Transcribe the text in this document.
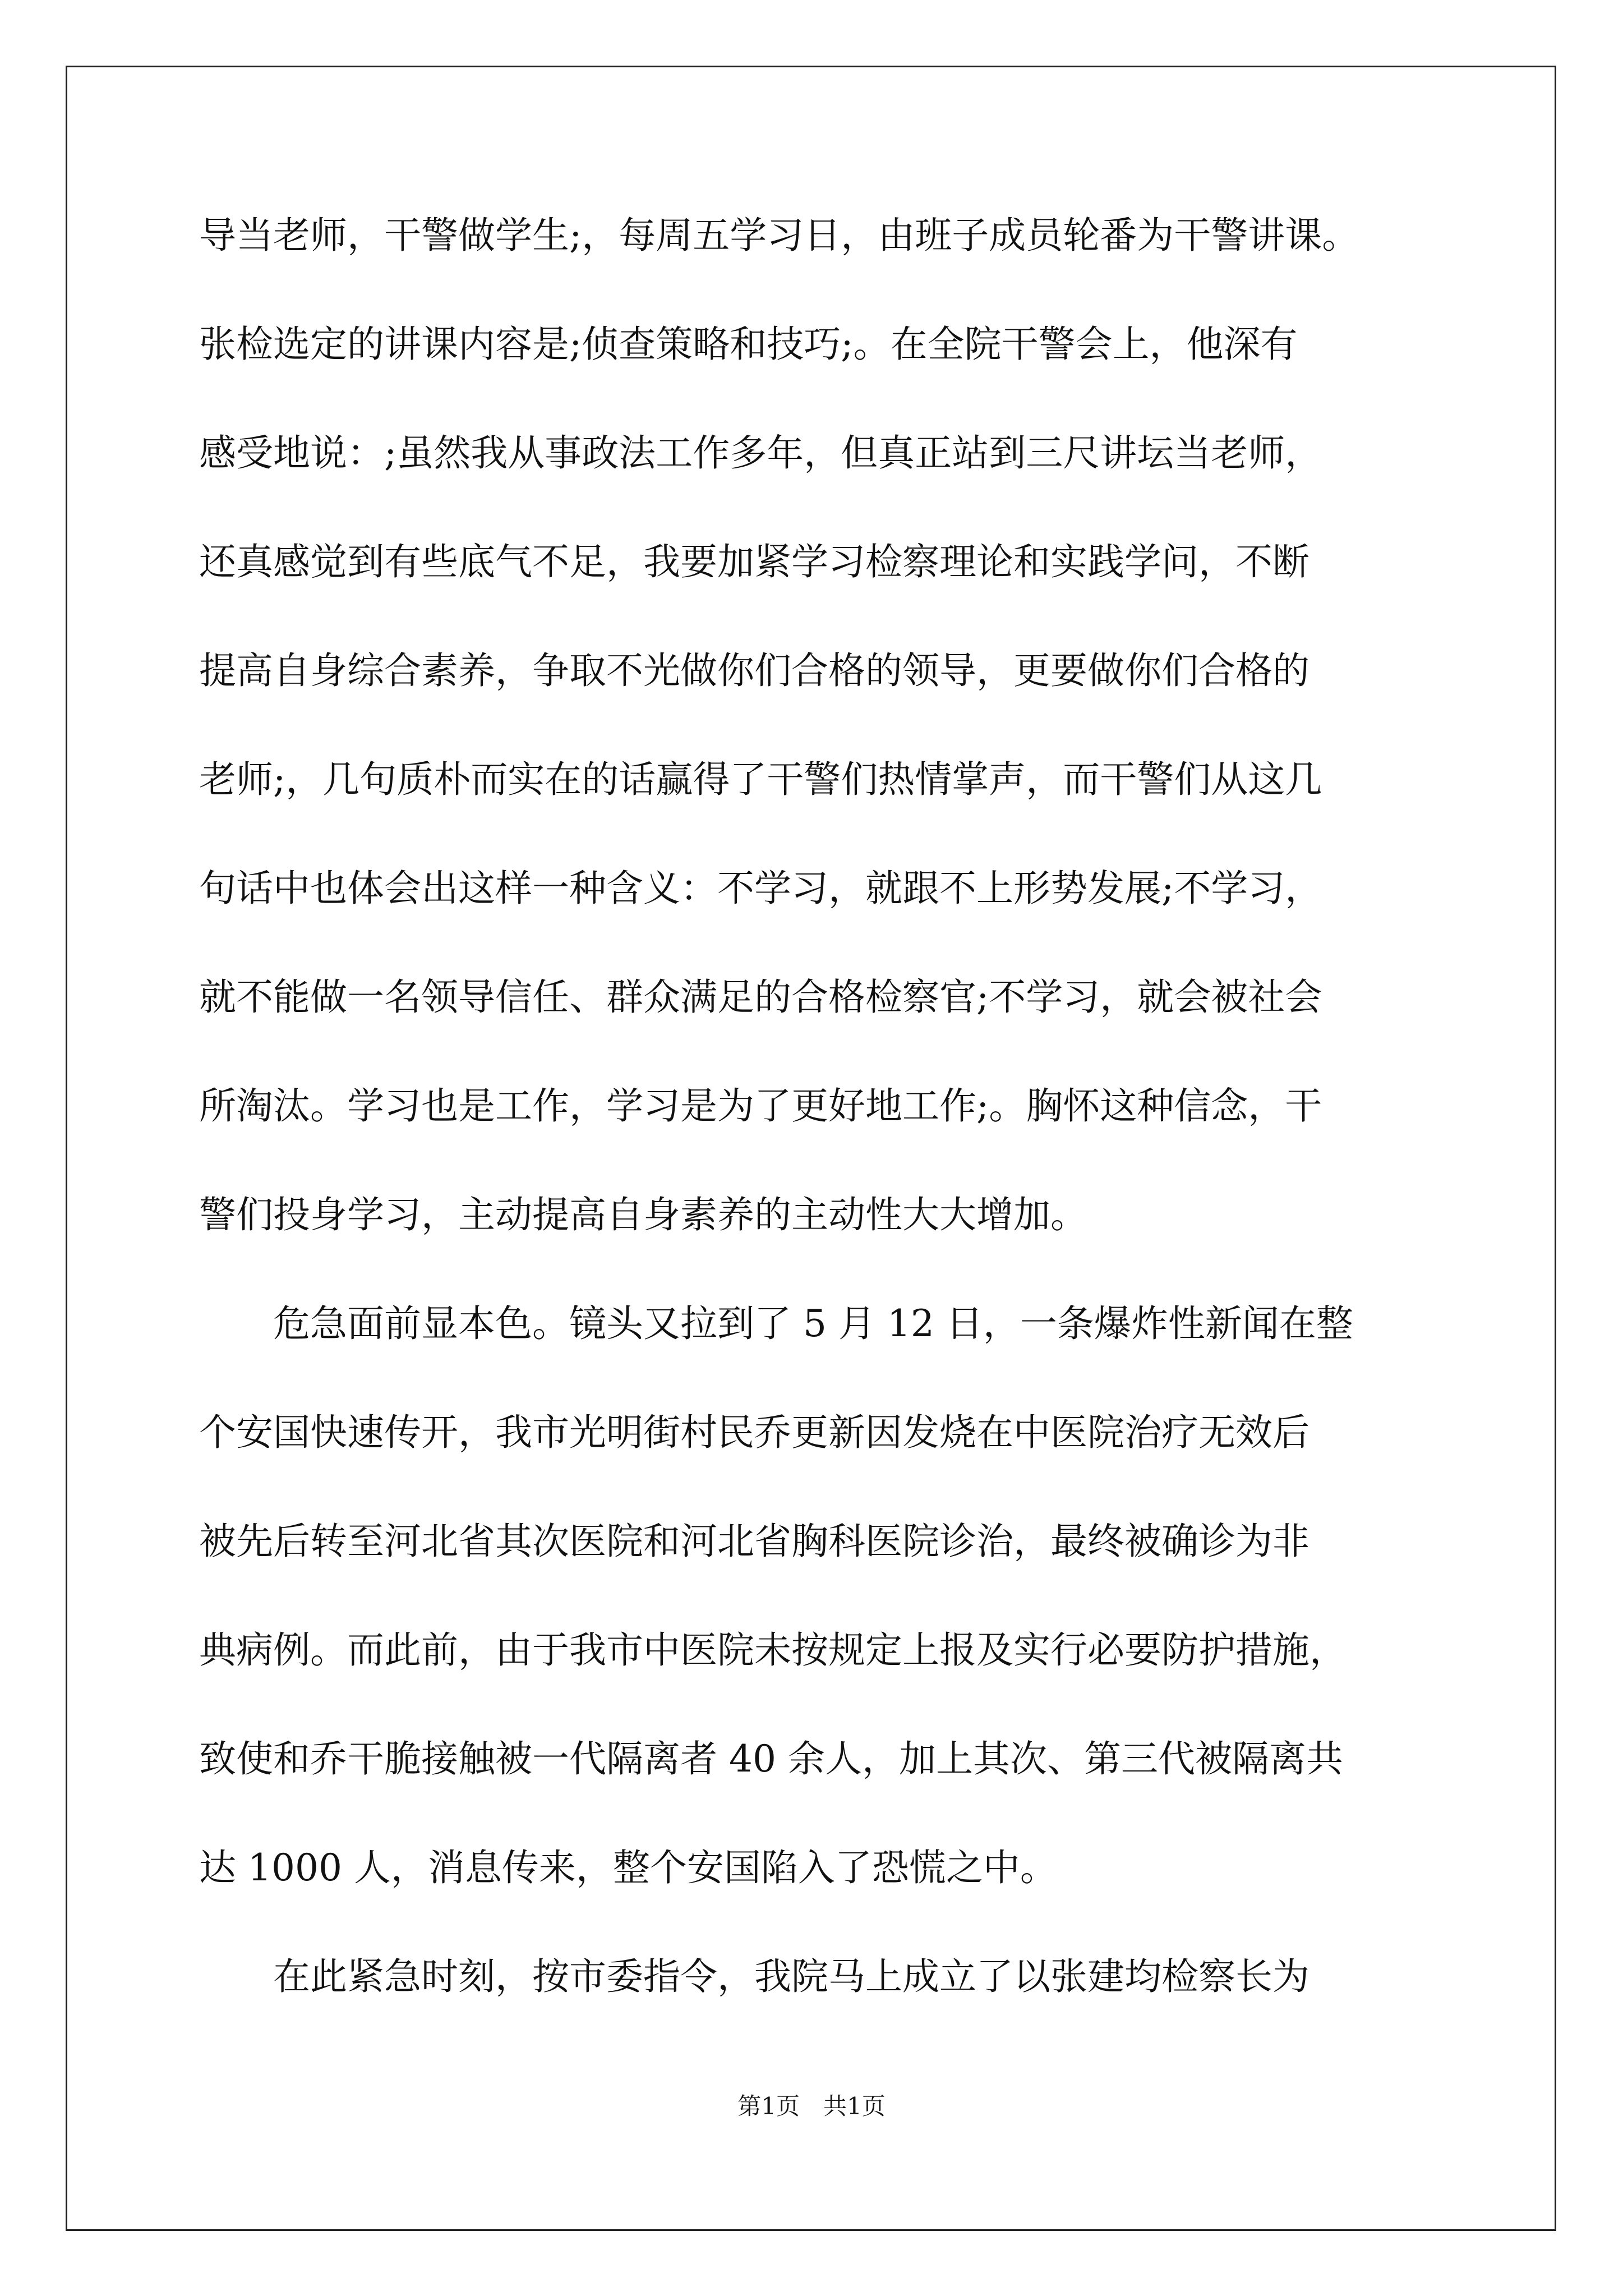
导当老师，干警做学生;，每周五学习日，由班子成员轮番为干警讲课。
张检选定的讲课内容是;侦查策略和技巧;。在全院干警会上，他深有
感受地说：;虽然我从事政法工作多年，但真正站到三尺讲坛当老师，
还真感觉到有些底气不足，我要加紧学习检察理论和实践学问，不断
提高自身综合素养，争取不光做你们合格的领导，更要做你们合格的
老师;，几句质朴而实在的话赢得了干警们热情掌声，而干警们从这几
句话中也体会出这样一种含义：不学习，就跟不上形势发展;不学习，
就不能做一名领导信任、群众满足的合格检察官;不学习，就会被社会
所淘汰。学习也是工作，学习是为了更好地工作;。胸怀这种信念，干
警们投身学习，主动提高自身素养的主动性大大增加。
　　危急面前显本色。镜头又拉到了 5 月 12 日，一条爆炸性新闻在整
个安国快速传开，我市光明街村民乔更新因发烧在中医院治疗无效后
被先后转至河北省其次医院和河北省胸科医院诊治，最终被确诊为非
典病例。而此前，由于我市中医院未按规定上报及实行必要防护措施，
致使和乔干脆接触被一代隔离者 40 余人，加上其次、第三代被隔离共
达 1000 人，消息传来，整个安国陷入了恐慌之中。
　　在此紧急时刻，按市委指令，我院马上成立了以张建均检察长为
第1页　共1页
